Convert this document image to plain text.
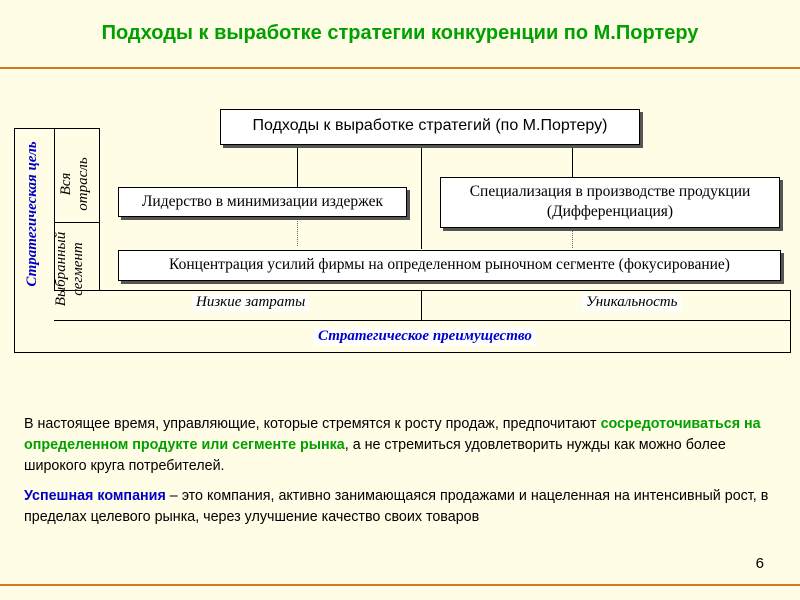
Подходы к выработке стратегии конкуренции по М.Портеру
Подходы к выработке стратегий (по М.Портеру)
Лидерство в минимизации издержек
Специализация в производстве продукции
(Дифференциация)
Концентрация усилий фирмы на определенном рыночном сегменте (фокусирование)
Стратегическая цель Вся отрасль
Выбранный сегмент
Низкие затраты	Уникальность
Стратегическое преимущество
В настоящее время, управляющие, которые стремятся к росту продаж, предпочитают сосредоточиваться на определенном продукте или сегменте рынка, а не стремиться удовлетворить нужды как можно более широкого круга потребителей.
Успешная компания – это компания, активно занимающаяся продажами и нацеленная на интенсивный рост, в пределах целевого рынка, через улучшение качество своих товаров
6
